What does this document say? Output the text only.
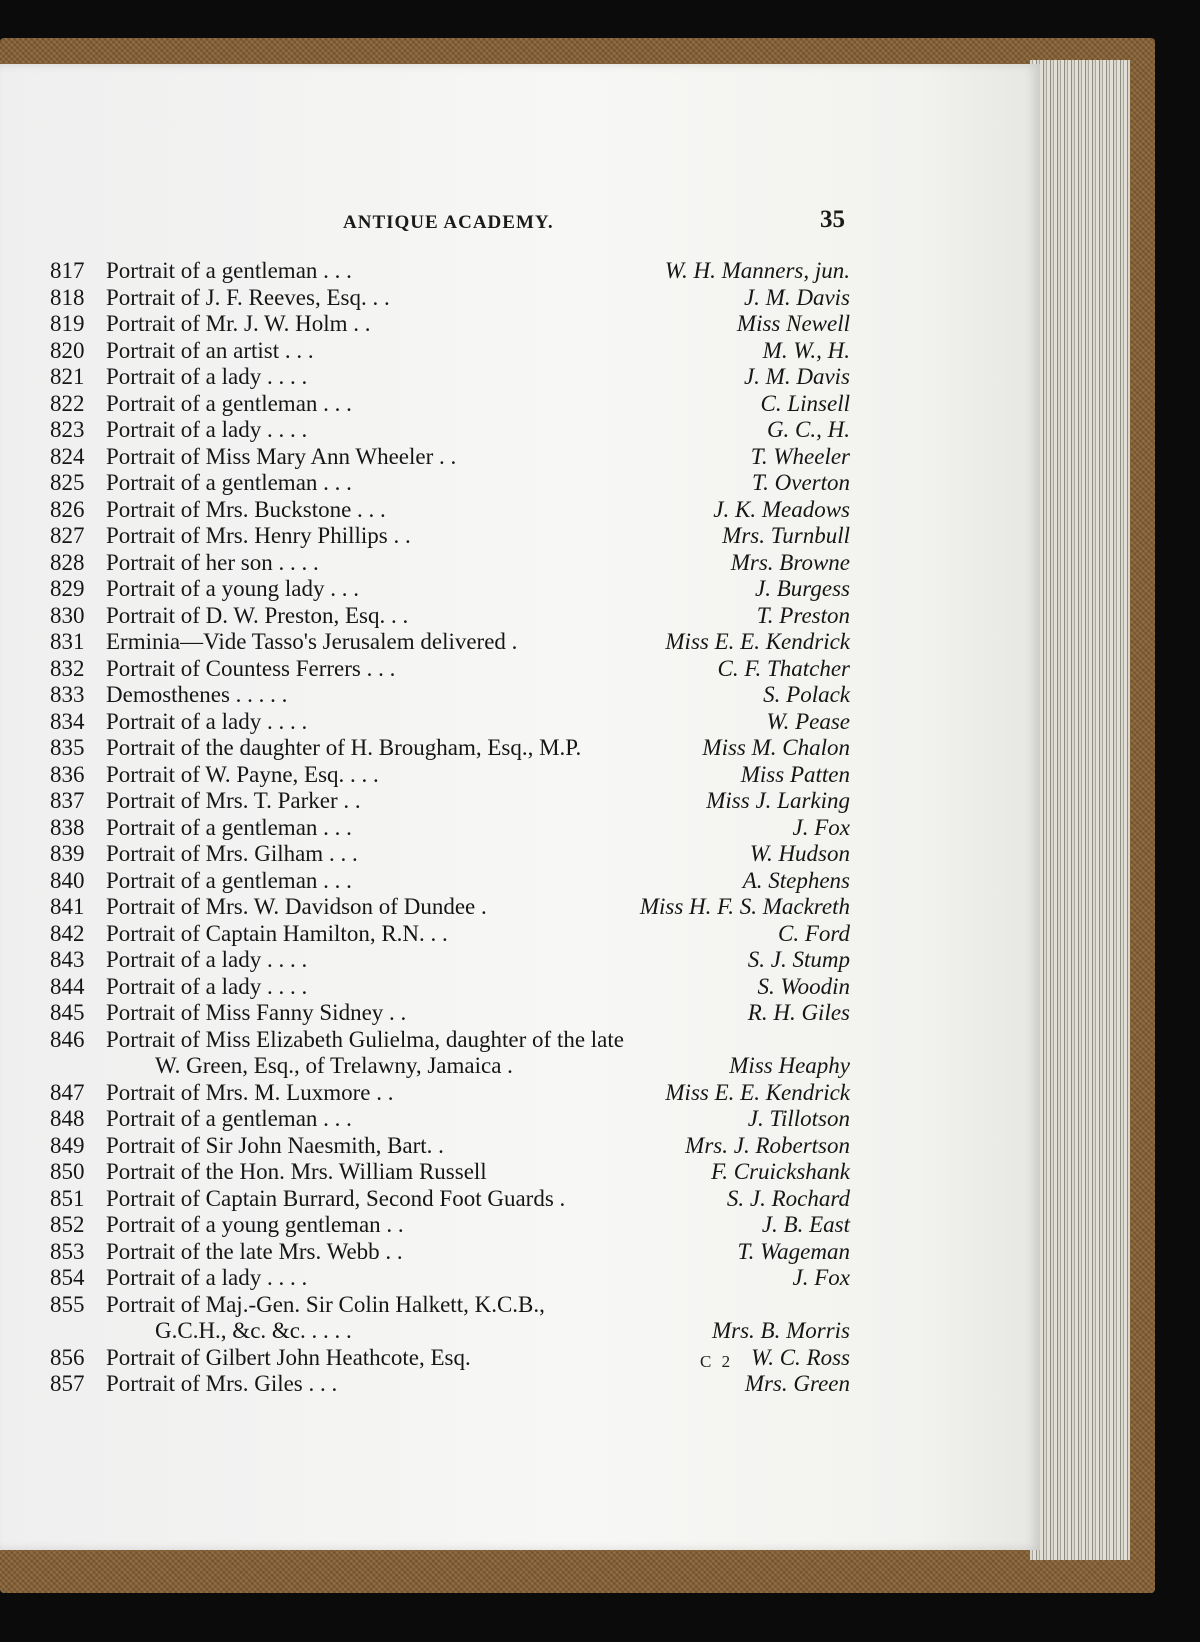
ANTIQUE ACADEMY.	35
817 Portrait of a gentleman . . .	W. H. Manners, jun.
818 Portrait of J. F. Reeves, Esq. . .	J. M. Davis
819 Portrait of Mr. J. W. Holm . .	Miss Newell
820 Portrait of an artist . . .	M. W., H.
821 Portrait of a lady . . . .	J. M. Davis
822 Portrait of a gentleman . . .	C. Linsell
823 Portrait of a lady . . . .	G. C., H.
824 Portrait of Miss Mary Ann Wheeler . .	T. Wheeler
825 Portrait of a gentleman . . .	T. Overton
826 Portrait of Mrs. Buckstone . . .	J. K. Meadows
827 Portrait of Mrs. Henry Phillips . .	Mrs. Turnbull
828 Portrait of her son . . . .	Mrs. Browne
829 Portrait of a young lady . . .	J. Burgess
830 Portrait of D. W. Preston, Esq. . .	T. Preston
831 Erminia—Vide Tasso's Jerusalem delivered .	Miss E. E. Kendrick
832 Portrait of Countess Ferrers . . .	C. F. Thatcher
833 Demosthenes . . . . .	S. Polack
834 Portrait of a lady . . . .	W. Pease
835 Portrait of the daughter of H. Brougham, Esq., M.P.	Miss M. Chalon
836 Portrait of W. Payne, Esq. . . .	Miss Patten
837 Portrait of Mrs. T. Parker . .	Miss J. Larking
838 Portrait of a gentleman . . .	J. Fox
839 Portrait of Mrs. Gilham . . .	W. Hudson
840 Portrait of a gentleman . . .	A. Stephens
841 Portrait of Mrs. W. Davidson of Dundee .	Miss H. F. S. Mackreth
842 Portrait of Captain Hamilton, R.N. . .	C. Ford
843 Portrait of a lady . . . .	S. J. Stump
844 Portrait of a lady . . . .	S. Woodin
845 Portrait of Miss Fanny Sidney . .	R. H. Giles
846 Portrait of Miss Elizabeth Gulielma, daughter of the late
W. Green, Esq., of Trelawny, Jamaica .	Miss Heaphy
847 Portrait of Mrs. M. Luxmore . .	Miss E. E. Kendrick
848 Portrait of a gentleman . . .	J. Tillotson
849 Portrait of Sir John Naesmith, Bart. .	Mrs. J. Robertson
850 Portrait of the Hon. Mrs. William Russell	F. Cruickshank
851 Portrait of Captain Burrard, Second Foot Guards .	S. J. Rochard
852 Portrait of a young gentleman . .	J. B. East
853 Portrait of the late Mrs. Webb . .	T. Wageman
854 Portrait of a lady . . . .	J. Fox
855 Portrait of Maj.-Gen. Sir Colin Halkett, K.C.B.,
G.C.H., &c. &c. . . . .	Mrs. B. Morris
856 Portrait of Gilbert John Heathcote, Esq.	W. C. Ross
857 Portrait of Mrs. Giles . . .	Mrs. Green
C 2
